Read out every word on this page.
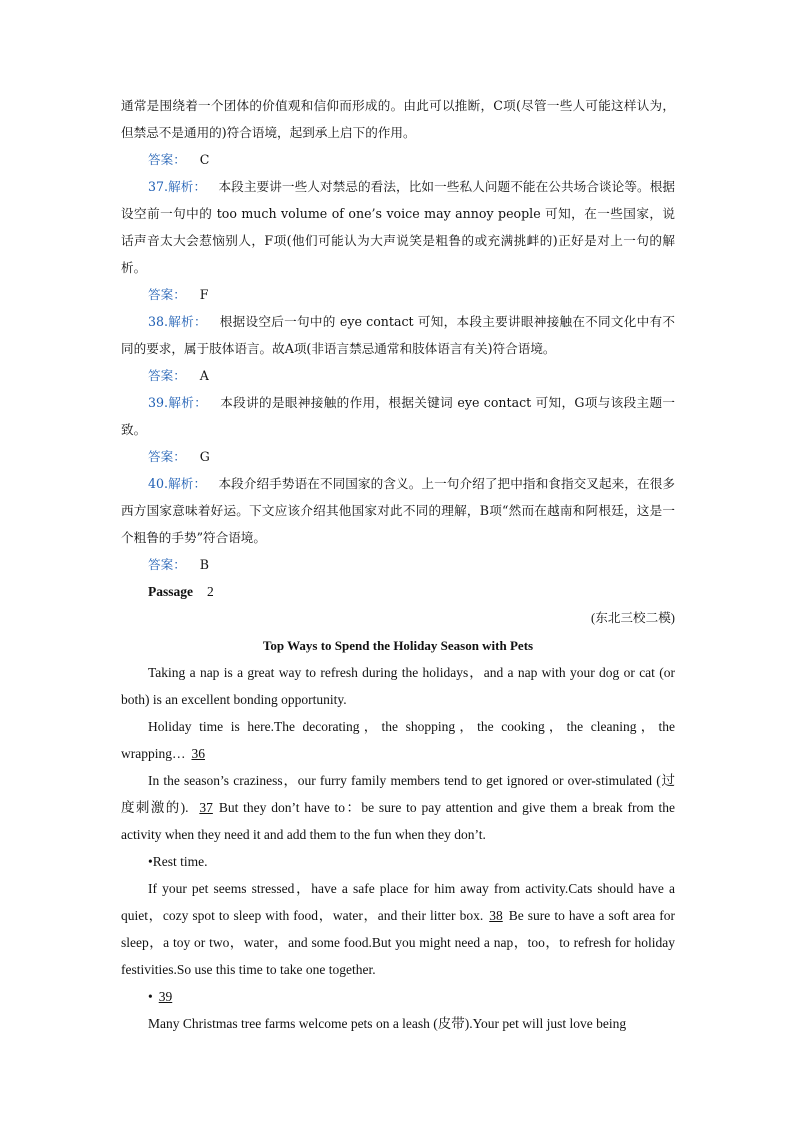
通常是围绕着一个团体的价值观和信仰而形成的。由此可以推断，C项(尽管一些人可能这样认为，但禁忌不是通用的)符合语境，起到承上启下的作用。

答案： C

37.解析： 本段主要讲一些人对禁忌的看法，比如一些私人问题不能在公共场合谈论等。根据设空前一句中的 too much volume of one’s voice may annoy people 可知，在一些国家，说话声音太大会惹恼别人，F项(他们可能认为大声说笑是粗鲁的或充满挑衅的)正好是对上一句的解析。

答案： F

38.解析： 根据设空后一句中的 eye contact 可知，本段主要讲眼神接触在不同文化中有不同的要求，属于肢体语言。故A项(非语言禁忌通常和肢体语言有关)符合语境。

答案： A

39.解析： 本段讲的是眼神接触的作用，根据关键词 eye contact 可知，G项与该段主题一致。

答案： G

40.解析： 本段介绍手势语在不同国家的含义。上一句介绍了把中指和食指交叉起来，在很多西方国家意味着好运。下文应该介绍其他国家对此不同的理解，B项“然而在越南和阿根廷，这是一个粗鲁的手势”符合语境。

答案： B

Passage 2

(东北三校二模)

Top Ways to Spend the Holiday Season with Pets

Taking a nap is a great way to refresh during the holidays，and a nap with your dog or cat (or both) is an excellent bonding opportunity.

Holiday time is here.The decorating，the shopping，the cooking，the cleaning，the wrapping… 36

In the season’s craziness，our furry family members tend to get ignored or over-stimulated (过度刺激的). 37 But they don’t have to：be sure to pay attention and give them a break from the activity when they need it and add them to the fun when they don’t.

•Rest time.

If your pet seems stressed，have a safe place for him away from activity.Cats should have a quiet，cozy spot to sleep with food，water，and their litter box. 38 Be sure to have a soft area for sleep，a toy or two，water，and some food.But you might need a nap，too，to refresh for holiday festivities.So use this time to take one together.

• 39

Many Christmas tree farms welcome pets on a leash (皮带).Your pet will just love being
